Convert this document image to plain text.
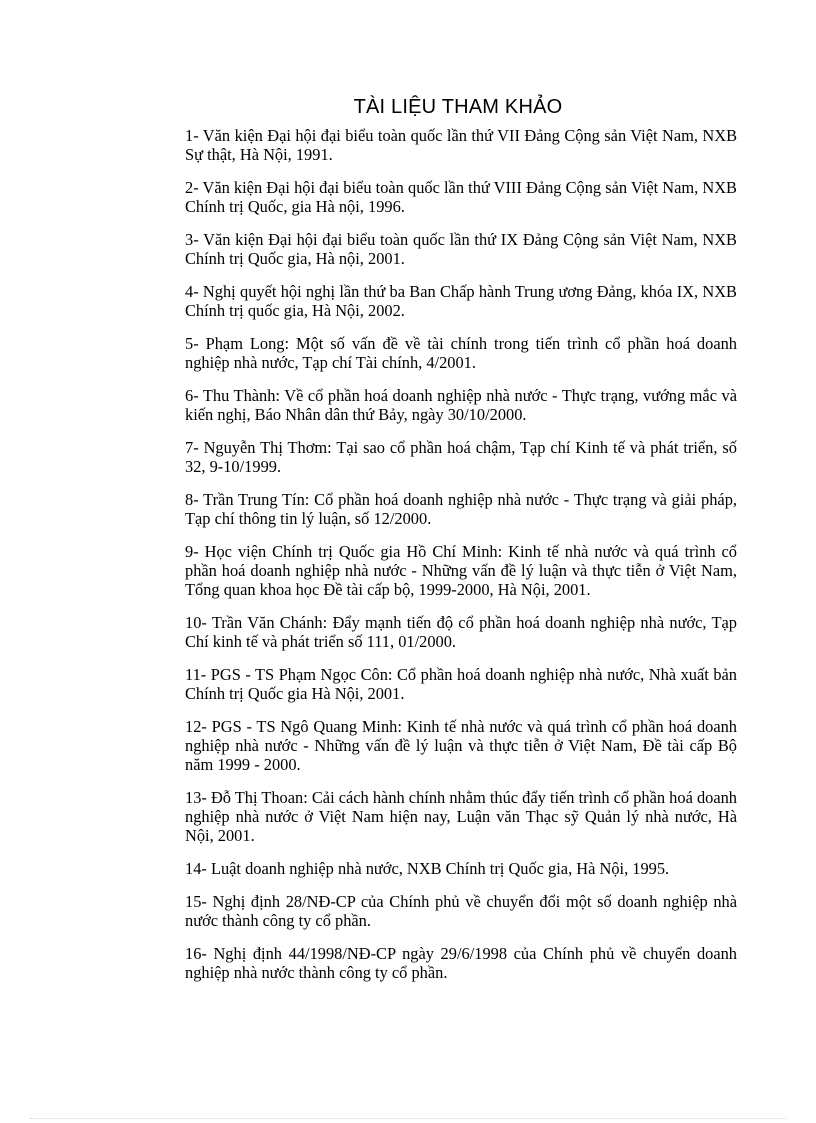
TÀI LIỆU THAM KHẢO
1- Văn kiện Đại hội đại biểu toàn quốc lần thứ VII Đảng Cộng sản Việt Nam, NXB Sự thật, Hà Nội, 1991.
2- Văn kiện Đại hội đại biểu toàn quốc lần thứ VIII Đảng Cộng sản Việt Nam, NXB Chính trị Quốc, gia Hà nội, 1996.
3- Văn kiện Đại hội đại biểu toàn quốc lần thứ IX Đảng Cộng sản Việt Nam, NXB Chính trị Quốc gia, Hà nội, 2001.
4- Nghị quyết hội nghị lần thứ ba Ban Chấp hành Trung ương Đảng, khóa IX, NXB Chính trị quốc gia, Hà Nội, 2002.
5- Phạm Long: Một số vấn đề về tài chính trong tiến trình cổ phần hoá doanh nghiệp nhà nước, Tạp chí Tài chính, 4/2001.
6- Thu Thành: Về cổ phần hoá doanh nghiệp nhà nước - Thực trạng, vướng mắc và kiến nghị, Báo Nhân dân thứ Bảy, ngày 30/10/2000.
7- Nguyễn Thị Thơm: Tại sao cổ phần hoá chậm, Tạp chí Kinh tế và phát triển, số 32, 9-10/1999.
8- Trần Trung Tín: Cổ phần hoá doanh nghiệp nhà nước - Thực trạng và giải pháp, Tạp chí thông tin lý luận, số 12/2000.
9- Học viện Chính trị Quốc gia Hồ Chí Minh: Kinh tế nhà nước và quá trình cổ phần hoá doanh nghiệp nhà nước - Những vấn đề lý luận và thực tiễn ở Việt Nam, Tổng quan khoa học Đề tài cấp bộ, 1999-2000, Hà Nội, 2001.
10- Trần Văn Chánh: Đẩy mạnh tiến độ cổ phần hoá doanh nghiệp nhà nước, Tạp Chí kinh tế và phát triển số 111, 01/2000.
11- PGS - TS Phạm Ngọc Côn: Cổ phần hoá doanh nghiệp nhà nước, Nhà xuất bản Chính trị Quốc gia Hà Nội, 2001.
12- PGS - TS Ngô Quang Minh: Kinh tế nhà nước và quá trình cổ phần hoá doanh nghiệp nhà nước - Những vấn đề lý luận và thực tiễn ở Việt Nam, Đề tài cấp Bộ năm 1999 - 2000.
13- Đỗ Thị Thoan: Cải cách hành chính nhằm thúc đẩy tiến trình cổ phần hoá doanh nghiệp nhà nước ở Việt Nam hiện nay, Luận văn Thạc sỹ Quản lý nhà nước, Hà Nội, 2001.
14- Luật doanh nghiệp nhà nước, NXB Chính trị Quốc gia, Hà Nội, 1995.
15- Nghị định 28/NĐ-CP của Chính phủ về chuyển đổi một số doanh nghiệp nhà nước thành công ty cổ phần.
16- Nghị định 44/1998/NĐ-CP ngày 29/6/1998 của Chính phủ về chuyển doanh nghiệp nhà nước thành công ty cổ phần.
